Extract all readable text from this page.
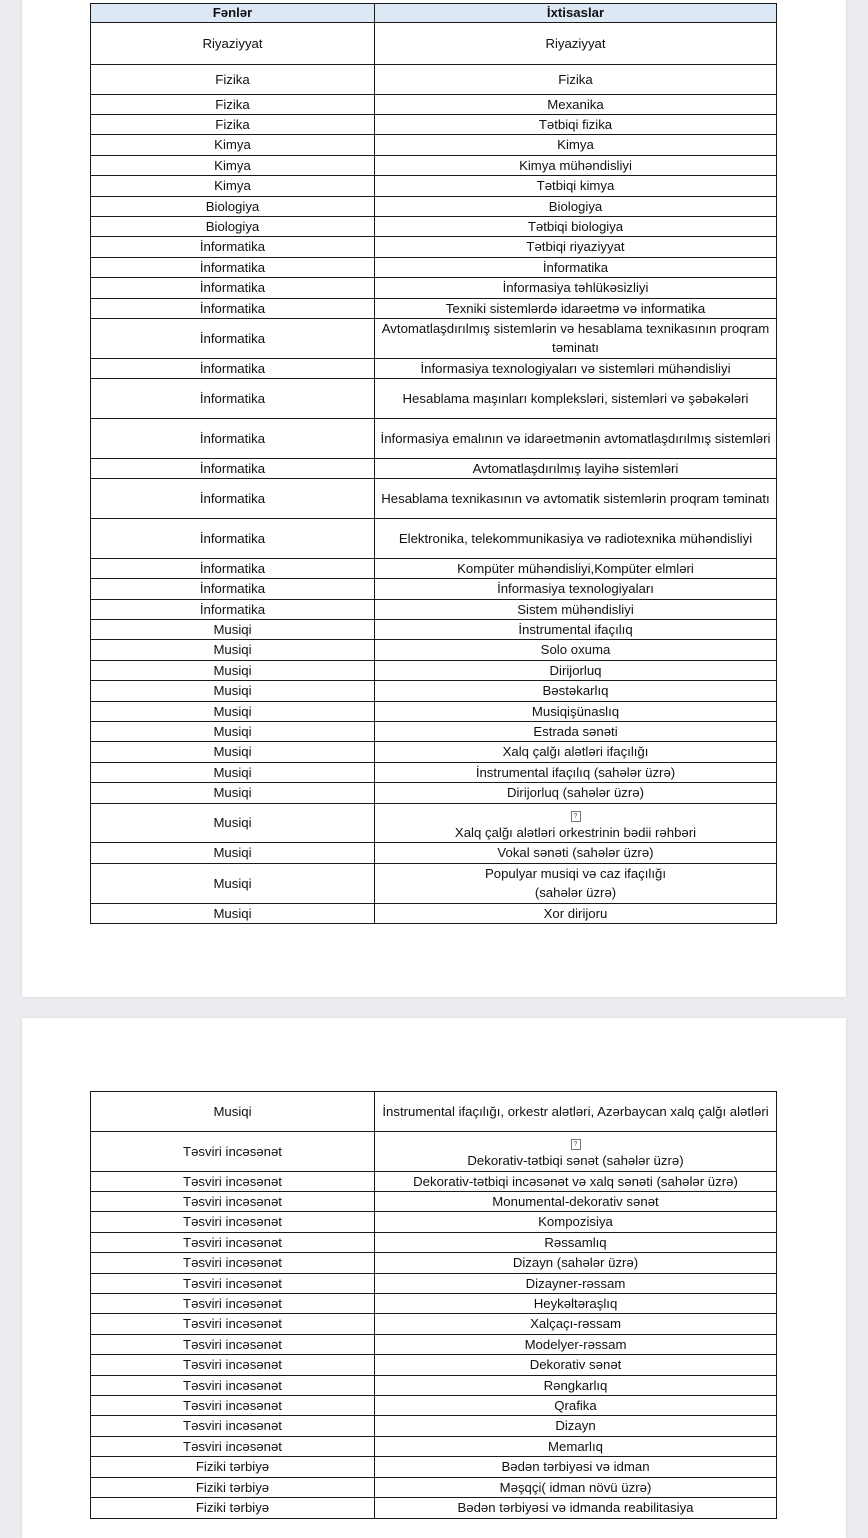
Fənlər	İxtisaslar
Riyaziyyat	Riyaziyyat
Fizika	Fizika
Fizika	Mexanika
Fizika	Tətbiqi fizika
Kimya	Kimya
Kimya	Kimya mühəndisliyi
Kimya	Tətbiqi kimya
Biologiya	Biologiya
Biologiya	Tətbiqi biologiya
İnformatika	Tətbiqi riyaziyyat
İnformatika	İnformatika
İnformatika	İnformasiya təhlükəsizliyi
İnformatika	Texniki sistemlərdə idarəetmə və informatika
İnformatika	Avtomatlaşdırılmış sistemlərin və hesablama texnikasının proqram təminatı
İnformatika	İnformasiya texnologiyaları və sistemləri mühəndisliyi
İnformatika	Hesablama maşınları kompleksləri, sistemləri və şəbəkələri
İnformatika	İnformasiya emalının və idarəetmənin avtomatlaşdırılmış sistemləri
İnformatika	Avtomatlaşdırılmış layihə sistemləri
İnformatika	Hesablama texnikasının və avtomatik sistemlərin proqram təminatı
İnformatika	Elektronika, telekommunikasiya və radiotexnika mühəndisliyi
İnformatika	Kompüter mühəndisliyi,Kompüter elmləri
İnformatika	İnformasiya texnologiyaları
İnformatika	Sistem mühəndisliyi
Musiqi	İnstrumental ifaçılıq
Musiqi	Solo oxuma
Musiqi	Dirijorluq
Musiqi	Bəstəkarlıq
Musiqi	Musiqişünaslıq
Musiqi	Estrada sənəti
Musiqi	Xalq çalğı alətləri ifaçılığı
Musiqi	İnstrumental ifaçılıq (sahələr üzrə)
Musiqi	Dirijorluq (sahələr üzrə)
Musiqi	?
Xalq çalğı alətləri orkestrinin bədii rəhbəri
Musiqi	Vokal sənəti (sahələr üzrə)
Musiqi	Populyar musiqi və caz ifaçılığı
(sahələr üzrə)
Musiqi	Xor dirijoru
Musiqi	İnstrumental ifaçılığı, orkestr alətləri, Azərbaycan xalq çalğı alətləri
Təsviri incəsənət	?
Dekorativ-tətbiqi sənət (sahələr üzrə)
Təsviri incəsənət	Dekorativ-tətbiqi incəsənət və xalq sənəti (sahələr üzrə)
Təsviri incəsənət	Monumental-dekorativ sənət
Təsviri incəsənət	Kompozisiya
Təsviri incəsənət	Rəssamlıq
Təsviri incəsənət	Dizayn (sahələr üzrə)
Təsviri incəsənət	Dizayner-rəssam
Təsviri incəsənət	Heykəltəraşlıq
Təsviri incəsənət	Xalçaçı-rəssam
Təsviri incəsənət	Modelyer-rəssam
Təsviri incəsənət	Dekorativ sənət
Təsviri incəsənət	Rəngkarlıq
Təsviri incəsənət	Qrafika
Təsviri incəsənət	Dizayn
Təsviri incəsənət	Memarlıq
Fiziki tərbiyə	Bədən tərbiyəsi və idman
Fiziki tərbiyə	Məşqçi( idman növü üzrə)
Fiziki tərbiyə	Bədən tərbiyəsi və idmanda reabilitasiya
